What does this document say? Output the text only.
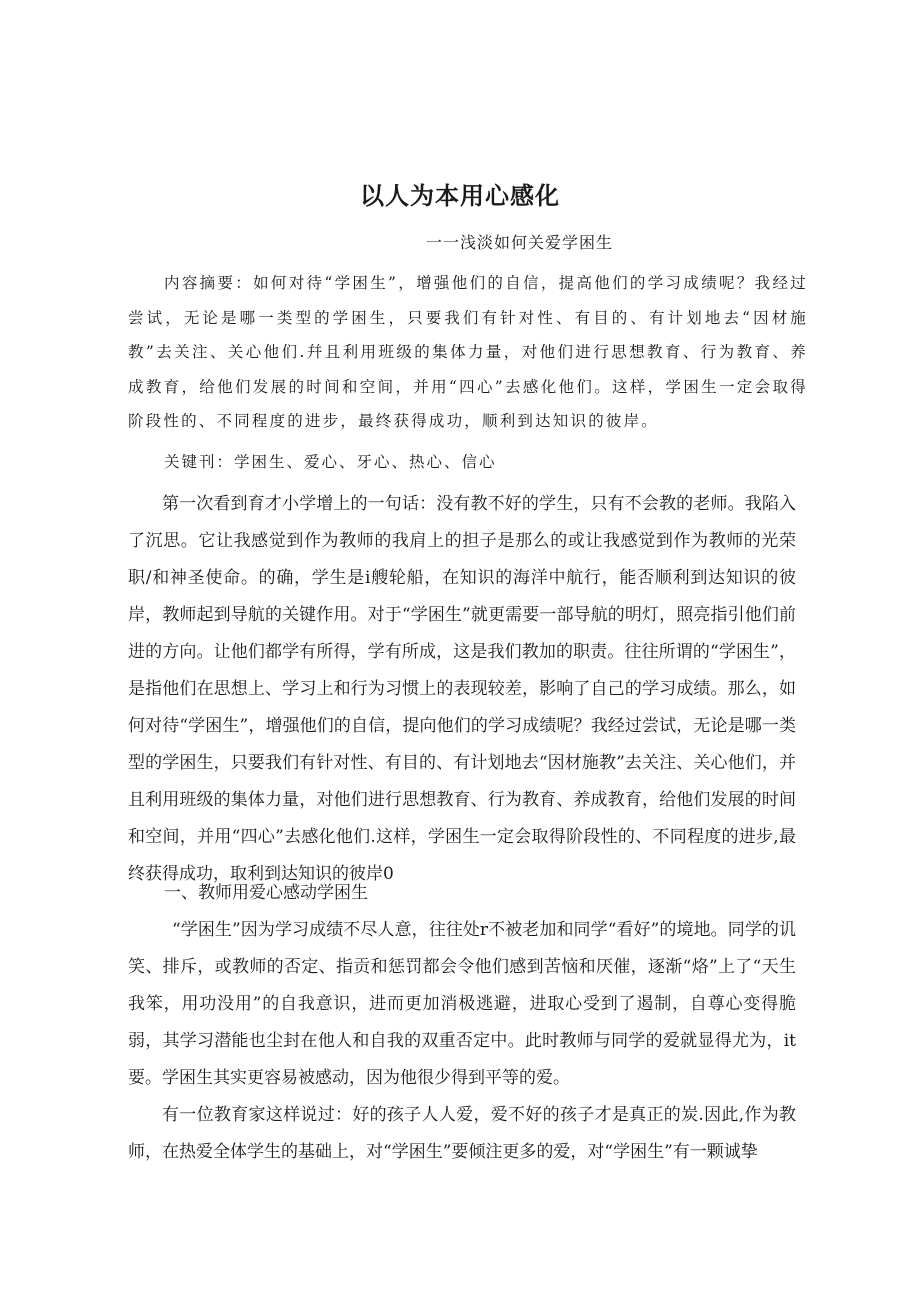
以人为本用心感化

一一浅淡如何关爱学困生

内容摘要：如何对待“学困生”，增强他们的自信，提高他们的学习成绩呢？我经过尝试，无论是哪一类型的学困生，只要我们有针对性、有目的、有计划地去“因材施教”去关注、关心他们.幷且利用班级的集体力量，对他们进行思想教育、行为教育、养成教育，给他们发展的时间和空间，并用“四心”去感化他们。这样，学困生一定会取得阶段性的、不同程度的进步，最终获得成功，顺利到达知识的彼岸。

关键刊：学困生、爱心、牙心、热心、信心

第一次看到育才小学增上的一句话：没有教不好的学生，只有不会教的老师。我陷入了沉思。它让我感觉到作为教师的我肩上的担子是那么的或让我感觉到作为教师的光荣职/和神圣使命。的确，学生是i艘轮船，在知识的海洋中航行，能否顺利到达知识的彼岸，教师起到导航的关键作用。对于“学困生”就更需要一部导航的明灯，照亮指引他们前进的方向。让他们都学有所得，学有所成，这是我们教加的职责。往往所谓的“学困生”，是指他们在思想上、学习上和行为习惯上的表现较差，影响了自己的学习成绩。那么，如何对待“学困生”，增强他们的自信，提向他们的学习成绩呢？我经过尝试，无论是哪一类型的学困生，只要我们有针对性、有目的、有计划地去“因材施教”去关注、关心他们，并且利用班级的集体力量，对他们进行思想教育、行为教育、养成教育，给他们发展的时间和空间，并用“四心”去感化他们.这样，学困生一定会取得阶段性的、不同程度的进步,最终获得成功，取利到达知识的彼岸0

一、教师用爱心感动学困生

“学困生”因为学习成绩不尽人意，往往处r不被老加和同学“看好”的境地。同学的讥笑、排斥，或教师的否定、指贡和惩罚都会令他们感到苦恼和厌催，逐渐“烙”上了“天生我笨，用功没用”的自我意识，进而更加消极逃避，进取心受到了遏制，自尊心变得脆弱，其学习潜能也尘封在他人和自我的双重否定中。此时教师与同学的爱就显得尤为，it要。学困生其实更容易被感动，因为他很少得到平等的爱。

有一位教育家这样说过：好的孩子人人爱，爱不好的孩子才是真正的炭.因此,作为教师，在热爱全体学生的基础上，对“学困生”要倾注更多的爱，对“学困生”有一颗诚挚
